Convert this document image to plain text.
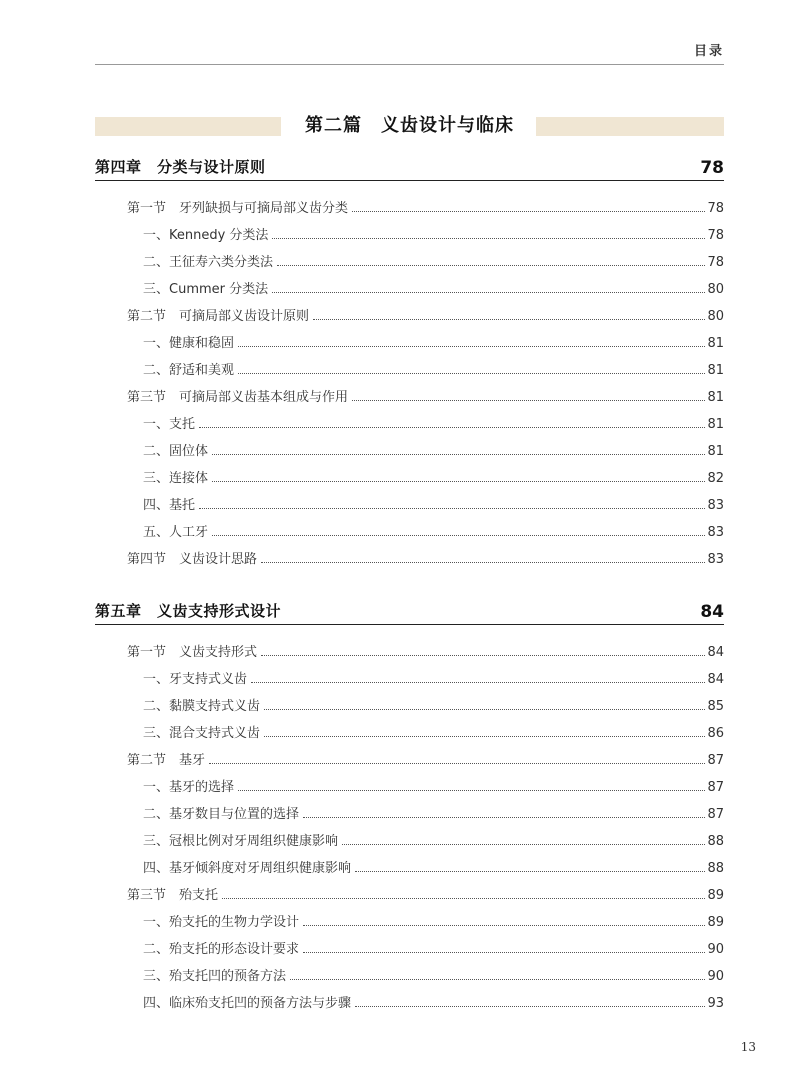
目录
第二篇　义齿设计与临床
第四章　分类与设计原则	78
第一节　牙列缺损与可摘局部义齿分类	78
一、Kennedy 分类法	78
二、王征寿六类分类法	78
三、Cummer 分类法	80
第二节　可摘局部义齿设计原则	80
一、健康和稳固	81
二、舒适和美观	81
第三节　可摘局部义齿基本组成与作用	81
一、支托	81
二、固位体	81
三、连接体	82
四、基托	83
五、人工牙	83
第四节　义齿设计思路	83
第五章　义齿支持形式设计	84
第一节　义齿支持形式	84
一、牙支持式义齿	84
二、黏膜支持式义齿	85
三、混合支持式义齿	86
第二节　基牙	87
一、基牙的选择	87
二、基牙数目与位置的选择	87
三、冠根比例对牙周组织健康影响	88
四、基牙倾斜度对牙周组织健康影响	88
第三节　殆支托	89
一、殆支托的生物力学设计	89
二、殆支托的形态设计要求	90
三、殆支托凹的预备方法	90
四、临床殆支托凹的预备方法与步骤	93
13
